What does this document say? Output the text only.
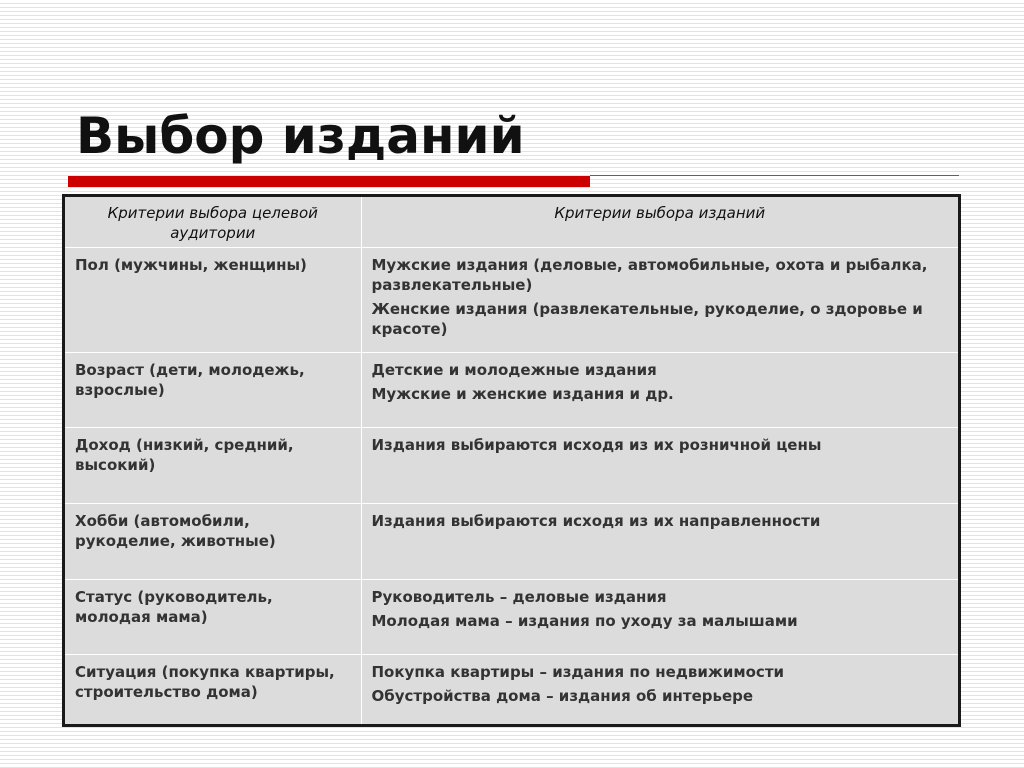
Выбор изданий
Критерии выбора целевой аудитории	Критерии выбора изданий
Пол (мужчины, женщины)	Мужские издания (деловые, автомобильные, охота и рыбалка, развлекательные)
Женские издания (развлекательные, рукоделие, о здоровье и красоте)

Возраст (дети, молодежь, взрослые)	Детские и молодежные издания
Мужские и женские издания и др.

Доход (низкий, средний, высокий)	Издания выбираются исходя из их розничной цены

Хобби (автомобили, рукоделие, животные)	Издания выбираются исходя из их направленности

Статус (руководитель, молодая мама)	Руководитель – деловые издания
Молодая мама – издания по уходу за малышами

Ситуация (покупка квартиры, строительство дома)	Покупка квартиры – издания по недвижимости
Обустройства дома – издания об интерьере
